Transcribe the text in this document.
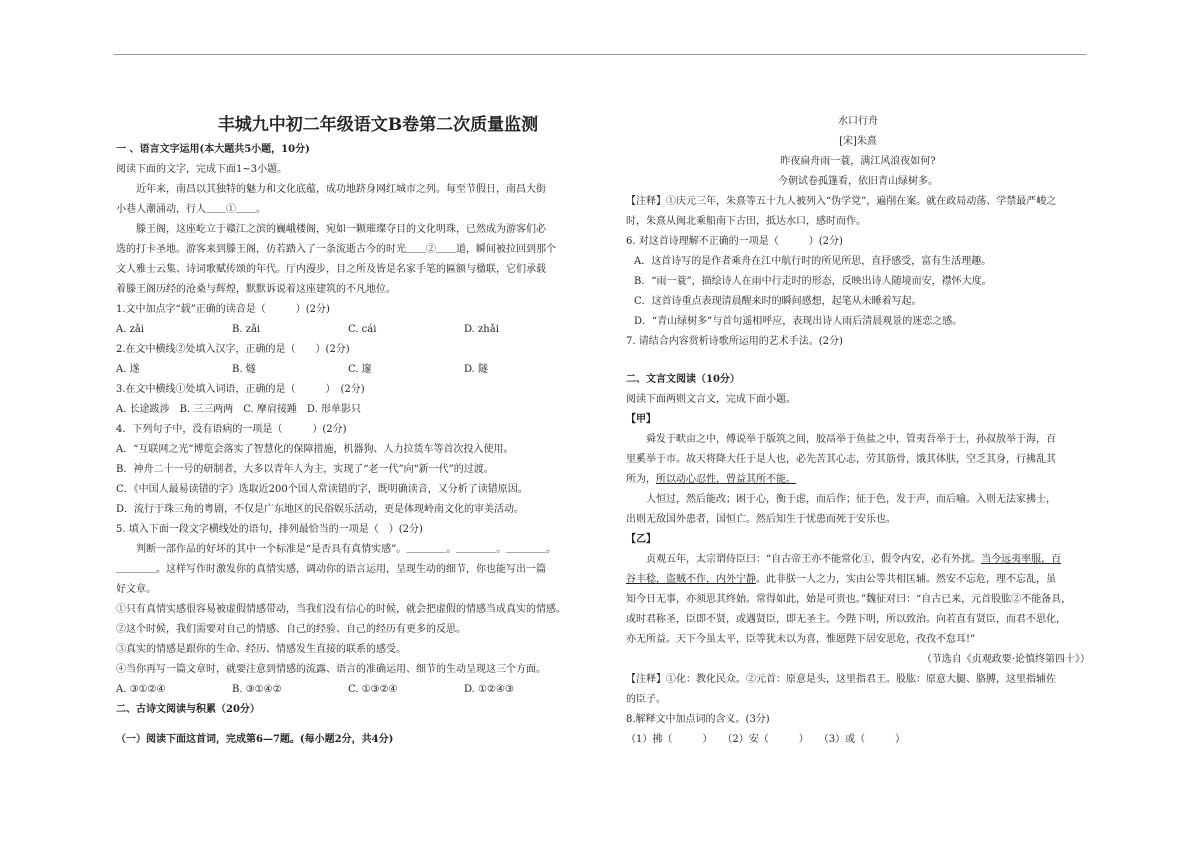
丰城九中初二年级语文B卷第二次质量监测
一 、语言文字运用(本大题共5小题，10分)
阅读下面的文字，完成下面1~3小题。
近年来，南昌以其独特的魅力和文化底蕴，成功地跻身网红城市之列。每至节假日，南昌大街
小巷人潮涌动，行人＿＿①＿＿。
滕王阁，这座屹立于赣江之滨的巍峨楼阁，宛如一颗璀璨夺目的文化明珠，已然成为游客们必
选的打卡圣地。游客来到滕王阁，仿若踏入了一条流逝古今的时光＿＿②＿＿道，瞬间被拉回到那个
文人雅士云集、诗词歌赋传颂的年代。厅内漫步，目之所及皆是名家手笔的匾额与楹联，它们承载
着滕王阁历经的沧桑与辉煌，默默诉说着这座建筑的不凡地位。
1.文中加点字“载”正确的读音是（　　　）(2分)
A. zǎi	B. zǎi	C. cái	D. zhǎi
2.在文中横线②处填入汉字，正确的是（　　）(2分)
A. 遂	B. 燧	C. 邃	D. 隧
3.在文中横线①处填入词语，正确的是（　　　）　(2分)
A. 长途跋涉　B. 三三两两　C. 摩肩接踵　D. 形单影只
4．下列句子中，没有语病的一项是（　　　）(2分)
A．“互联网之光”博览会落实了智慧化的保障措施，机器狗、人力拉货车等首次投入使用。
B．神舟二十一号的研制者，大多以青年人为主，实现了“老一代”向“新一代”的过渡。
C．《中国人最易读错的字》选取近200个国人常读错的字，既明确读音，又分析了读错原因。
D．流行于珠三角的粤剧，不仅是广东地区的民俗娱乐活动，更是体现岭南文化的审美活动。
5. 填入下面一段文字横线处的语句，排列最恰当的一项是（　）(2分)
判断一部作品的好坏的其中一个标准是“是否具有真情实感”。＿＿＿＿。＿＿＿＿。＿＿＿＿。
＿＿＿＿。这样写作时激发你的真情实感，调动你的语言运用，呈现生动的细节，你也能写出一篇
好文章。
①只有真情实感很容易被虚假情感带动，当我们没有信心的时候，就会把虚假的情感当成真实的情感。
②这个时候，我们需要对自己的情感、自己的经验、自己的经历有更多的反思。
③真实的情感是跟你的生命、经历、情感发生直接的联系的感受。
④当你再写一篇文章时，就要注意到情感的流露、语言的准确运用、细节的生动呈现这三个方面。
A. ③①②④	B. ③①④②	C. ①③②④	D. ①②④③
二、古诗文阅读与积累（20分）
（一）阅读下面这首词，完成第6—7题。(每小题2分，共4分)
水口行舟
[宋]朱熹
昨夜扁舟雨一蓑，满江风浪夜如何?
今朝试卷孤篷看，依旧青山绿树多。
【注释】①庆元三年，朱熹等五十九人被列入“伪学党”，遍削在案。就在政局动荡、学禁最严峻之
时，朱熹从闽北乘船南下古田，抵达水口，感时而作。
6. 对这首诗理解不正确的一项是（　　　）(2分)
A．这首诗写的是作者乘舟在江中航行时的所见所思，直抒感受，富有生活理趣。
B．“雨一蓑”，描绘诗人在雨中行走时的形态，反映出诗人随境而安，襟怀大度。
C．这首诗重点表现清晨醒来时的瞬间感想，起笔从未睡着写起。
D．“青山绿树多”与首句遥相呼应，表现出诗人雨后清晨观景的迷恋之感。
7. 请结合内容赏析诗歌所运用的艺术手法。(2分)
二、文言文阅读（10分）
阅读下面两则文言文，完成下面小题。
【甲】
舜发于畎亩之中，傅说举于版筑之间，胶鬲举于鱼盐之中，管夷吾举于士，孙叔敖举于海，百
里奚举于市。故天将降大任于是人也，必先苦其心志，劳其筋骨，饿其体肤，空乏其身，行拂乱其
所为，所以动心忍性，曾益其所不能。
人恒过，然后能改；困于心，衡于虑，而后作；征于色，发于声，而后喻。入则无法家拂士，
出则无敌国外患者，国恒亡。然后知生于忧患而死于安乐也。
【乙】
贞观五年，太宗谓侍臣曰：“自古帝王亦不能常化①，假令内安，必有外扰。当今远夷率服，百
谷丰稔，盗贼不作，内外宁静。此非朕一人之力，实由公等共相匡辅。然安不忘危，理不忘乱，虽
知今日无事，亦须思其终始。常得如此，始是可贵也。”魏征对曰：“自古已来，元首股肱②不能备具，
或时君称圣，臣即不贤，或遇贤臣，即无圣主。今陛下明，所以致治。向若直有贤臣，而君不思化，
亦无所益。天下今虽太平，臣等犹未以为喜，惟愿陛下居安思危，孜孜不怠耳!”
（节选自《贞观政要·论慎终第四十》）
【注释】①化：教化民众。②元首：原意是头，这里指君王。股肱：原意大腿、胳膊，这里指辅佐
的臣子。
8.解释文中加点词的含义。(3分)
（1）拂（　　　）　　（2）安（　　　）　　（3）或（　　　）
